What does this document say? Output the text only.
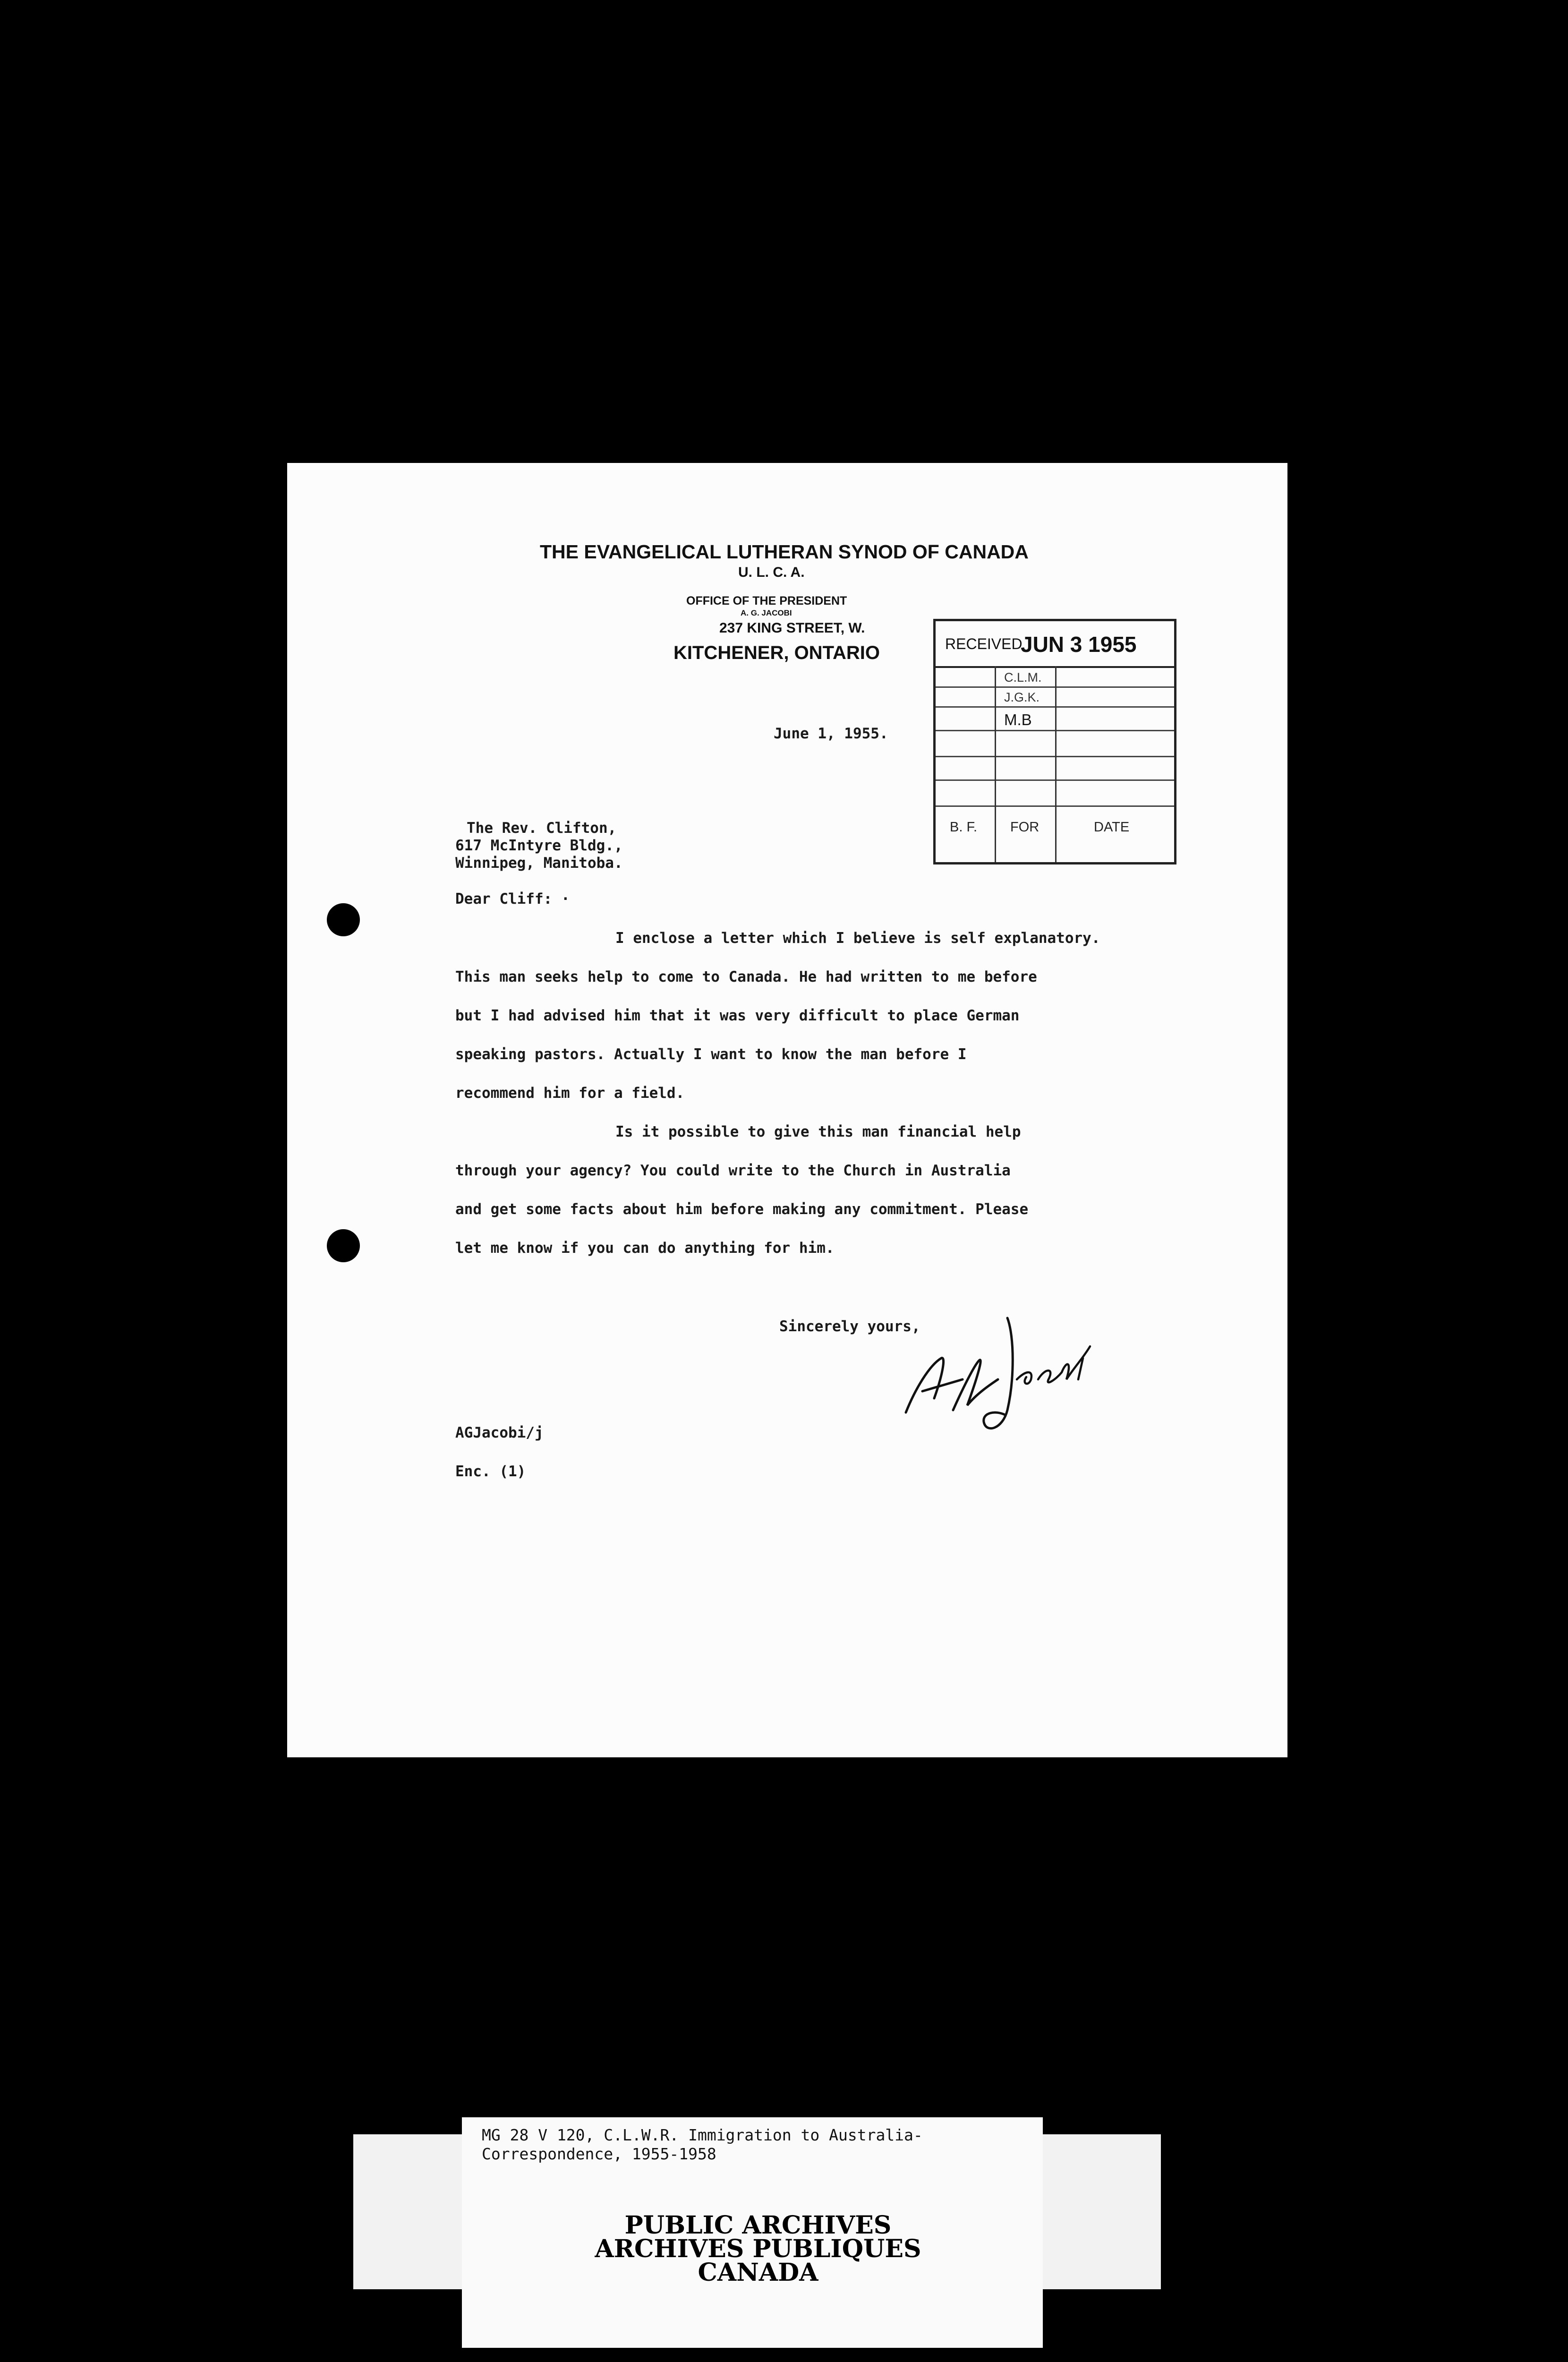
THE EVANGELICAL LUTHERAN SYNOD OF CANADA
U. L. C. A.
OFFICE OF THE PRESIDENT
A. G. JACOBI
237 KING STREET, W.
KITCHENER, ONTARIO	RECEIVED
JUN 3 1955
C.L.M.
J.G.K.
M.B
B. F. FOR	DATE
June 1, 1955.
The Rev. Clifton,
617 McIntyre Bldg.,
Winnipeg, Manitoba.
Dear Cliff: ·
I enclose a letter which I believe is self explanatory.
This man seeks help to come to Canada. He had written to me before
but I had advised him that it was very difficult to place German
speaking pastors. Actually I want to know the man before I
recommend him for a field.
Is it possible to give this man financial help
through your agency? You could write to the Church in Australia
and get some facts about him before making any commitment. Please
let me know if you can do anything for him.
Sincerely yours,
AGJacobi/j
Enc. (1)
MG 28 V 120, C.L.W.R. Immigration to Australia-
Correspondence, 1955-1958
PUBLIC ARCHIVES
ARCHIVES PUBLIQUES
CANADA
